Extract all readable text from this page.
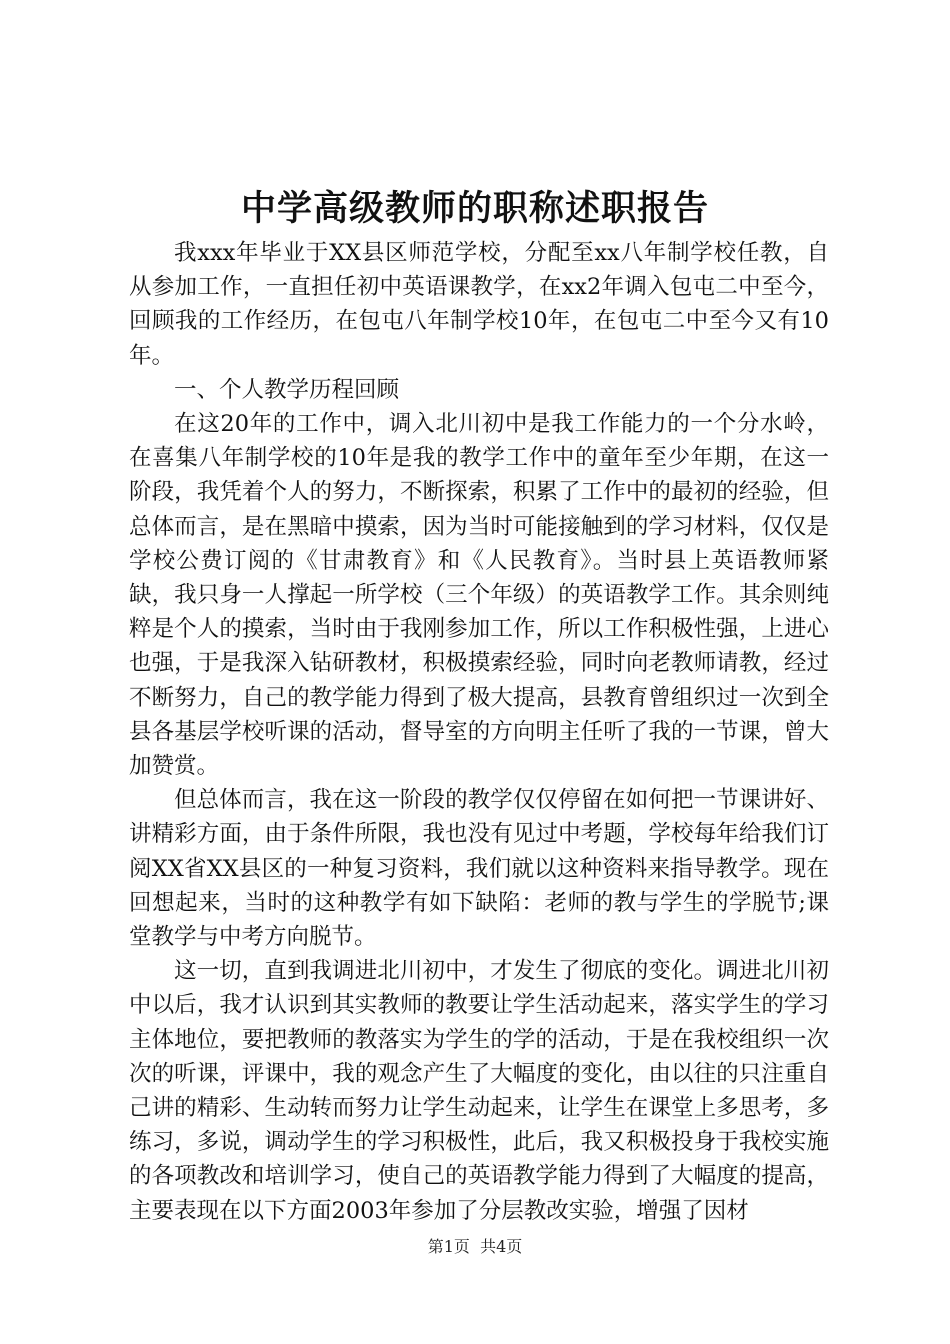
中学高级教师的职称述职报告

我xxx年毕业于XX县区师范学校，分配至xx八年制学校任教，自从参加工作，一直担任初中英语课教学，在xx2年调入包屯二中至今，回顾我的工作经历，在包屯八年制学校10年，在包屯二中至今又有10年。

一、个人教学历程回顾

在这20年的工作中，调入北川初中是我工作能力的一个分水岭，在喜集八年制学校的10年是我的教学工作中的童年至少年期，在这一阶段，我凭着个人的努力，不断探索，积累了工作中的最初的经验，但总体而言，是在黑暗中摸索，因为当时可能接触到的学习材料，仅仅是学校公费订阅的《甘肃教育》和《人民教育》。当时县上英语教师紧缺，我只身一人撑起一所学校（三个年级）的英语教学工作。其余则纯粹是个人的摸索，当时由于我刚参加工作，所以工作积极性强，上进心也强，于是我深入钻研教材，积极摸索经验，同时向老教师请教，经过不断努力，自己的教学能力得到了极大提高，县教育曾组织过一次到全县各基层学校听课的活动，督导室的方向明主任听了我的一节课，曾大加赞赏。

但总体而言，我在这一阶段的教学仅仅停留在如何把一节课讲好、讲精彩方面，由于条件所限，我也没有见过中考题，学校每年给我们订阅XX省XX县区的一种复习资料，我们就以这种资料来指导教学。现在回想起来，当时的这种教学有如下缺陷：老师的教与学生的学脱节;课堂教学与中考方向脱节。

这一切，直到我调进北川初中，才发生了彻底的变化。调进北川初中以后，我才认识到其实教师的教要让学生活动起来，落实学生的学习主体地位，要把教师的教落实为学生的学的活动，于是在我校组织一次次的听课，评课中，我的观念产生了大幅度的变化，由以往的只注重自己讲的精彩、生动转而努力让学生动起来，让学生在课堂上多思考，多练习，多说，调动学生的学习积极性，此后，我又积极投身于我校实施的各项教改和培训学习，使自己的英语教学能力得到了大幅度的提高，主要表现在以下方面2003年参加了分层教改实验，增强了因材

第1页  共4页
